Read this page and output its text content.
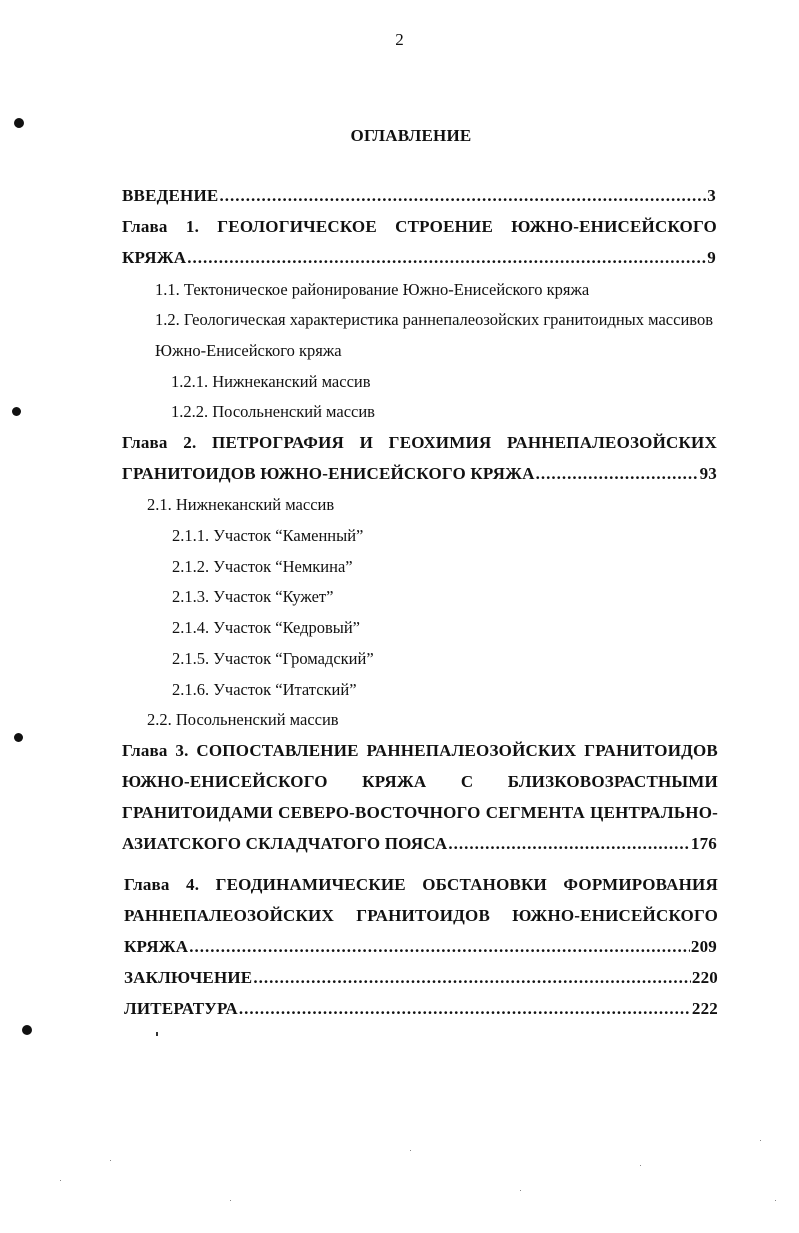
2
ОГЛАВЛЕНИЕ
ВВЕДЕНИЕ .....	3
Глава 1. ГЕОЛОГИЧЕСКОЕ СТРОЕНИЕ ЮЖНО-ЕНИСЕЙСКОГО
КРЯЖА .....	9
1.1. Тектоническое районирование Южно-Енисейского кряжа
1.2. Геологическая характеристика раннепалеозойских гранитоидных массивов
Южно-Енисейского кряжа
1.2.1. Нижнеканский массив
1.2.2. Посольненский массив
Глава 2. ПЕТРОГРАФИЯ И ГЕОХИМИЯ РАННЕПАЛЕОЗОЙСКИХ
ГРАНИТОИДОВ ЮЖНО-ЕНИСЕЙСКОГО КРЯЖА .....	93
2.1. Нижнеканский массив
2.1.1. Участок “Каменный”
2.1.2. Участок “Немкина”
2.1.3. Участок “Кужет”
2.1.4. Участок “Кедровый”
2.1.5. Участок “Громадский”
2.1.6. Участок “Итатский”
2.2. Посольненский массив
Глава 3. СОПОСТАВЛЕНИЕ РАННЕПАЛЕОЗОЙСКИХ ГРАНИТОИДОВ
ЮЖНО-ЕНИСЕЙСКОГО КРЯЖА С БЛИЗКОВОЗРАСТНЫМИ
ГРАНИТОИДАМИ СЕВЕРО-ВОСТОЧНОГО СЕГМЕНТА ЦЕНТРАЛЬНО-
АЗИАТСКОГО СКЛАДЧАТОГО ПОЯСА .....	176
Глава 4. ГЕОДИНАМИЧЕСКИЕ ОБСТАНОВКИ ФОРМИРОВАНИЯ
РАННЕПАЛЕОЗОЙСКИХ ГРАНИТОИДОВ ЮЖНО-ЕНИСЕЙСКОГО
КРЯЖА .....	209
ЗАКЛЮЧЕНИЕ .....	220
ЛИТЕРАТУРА .....	222
